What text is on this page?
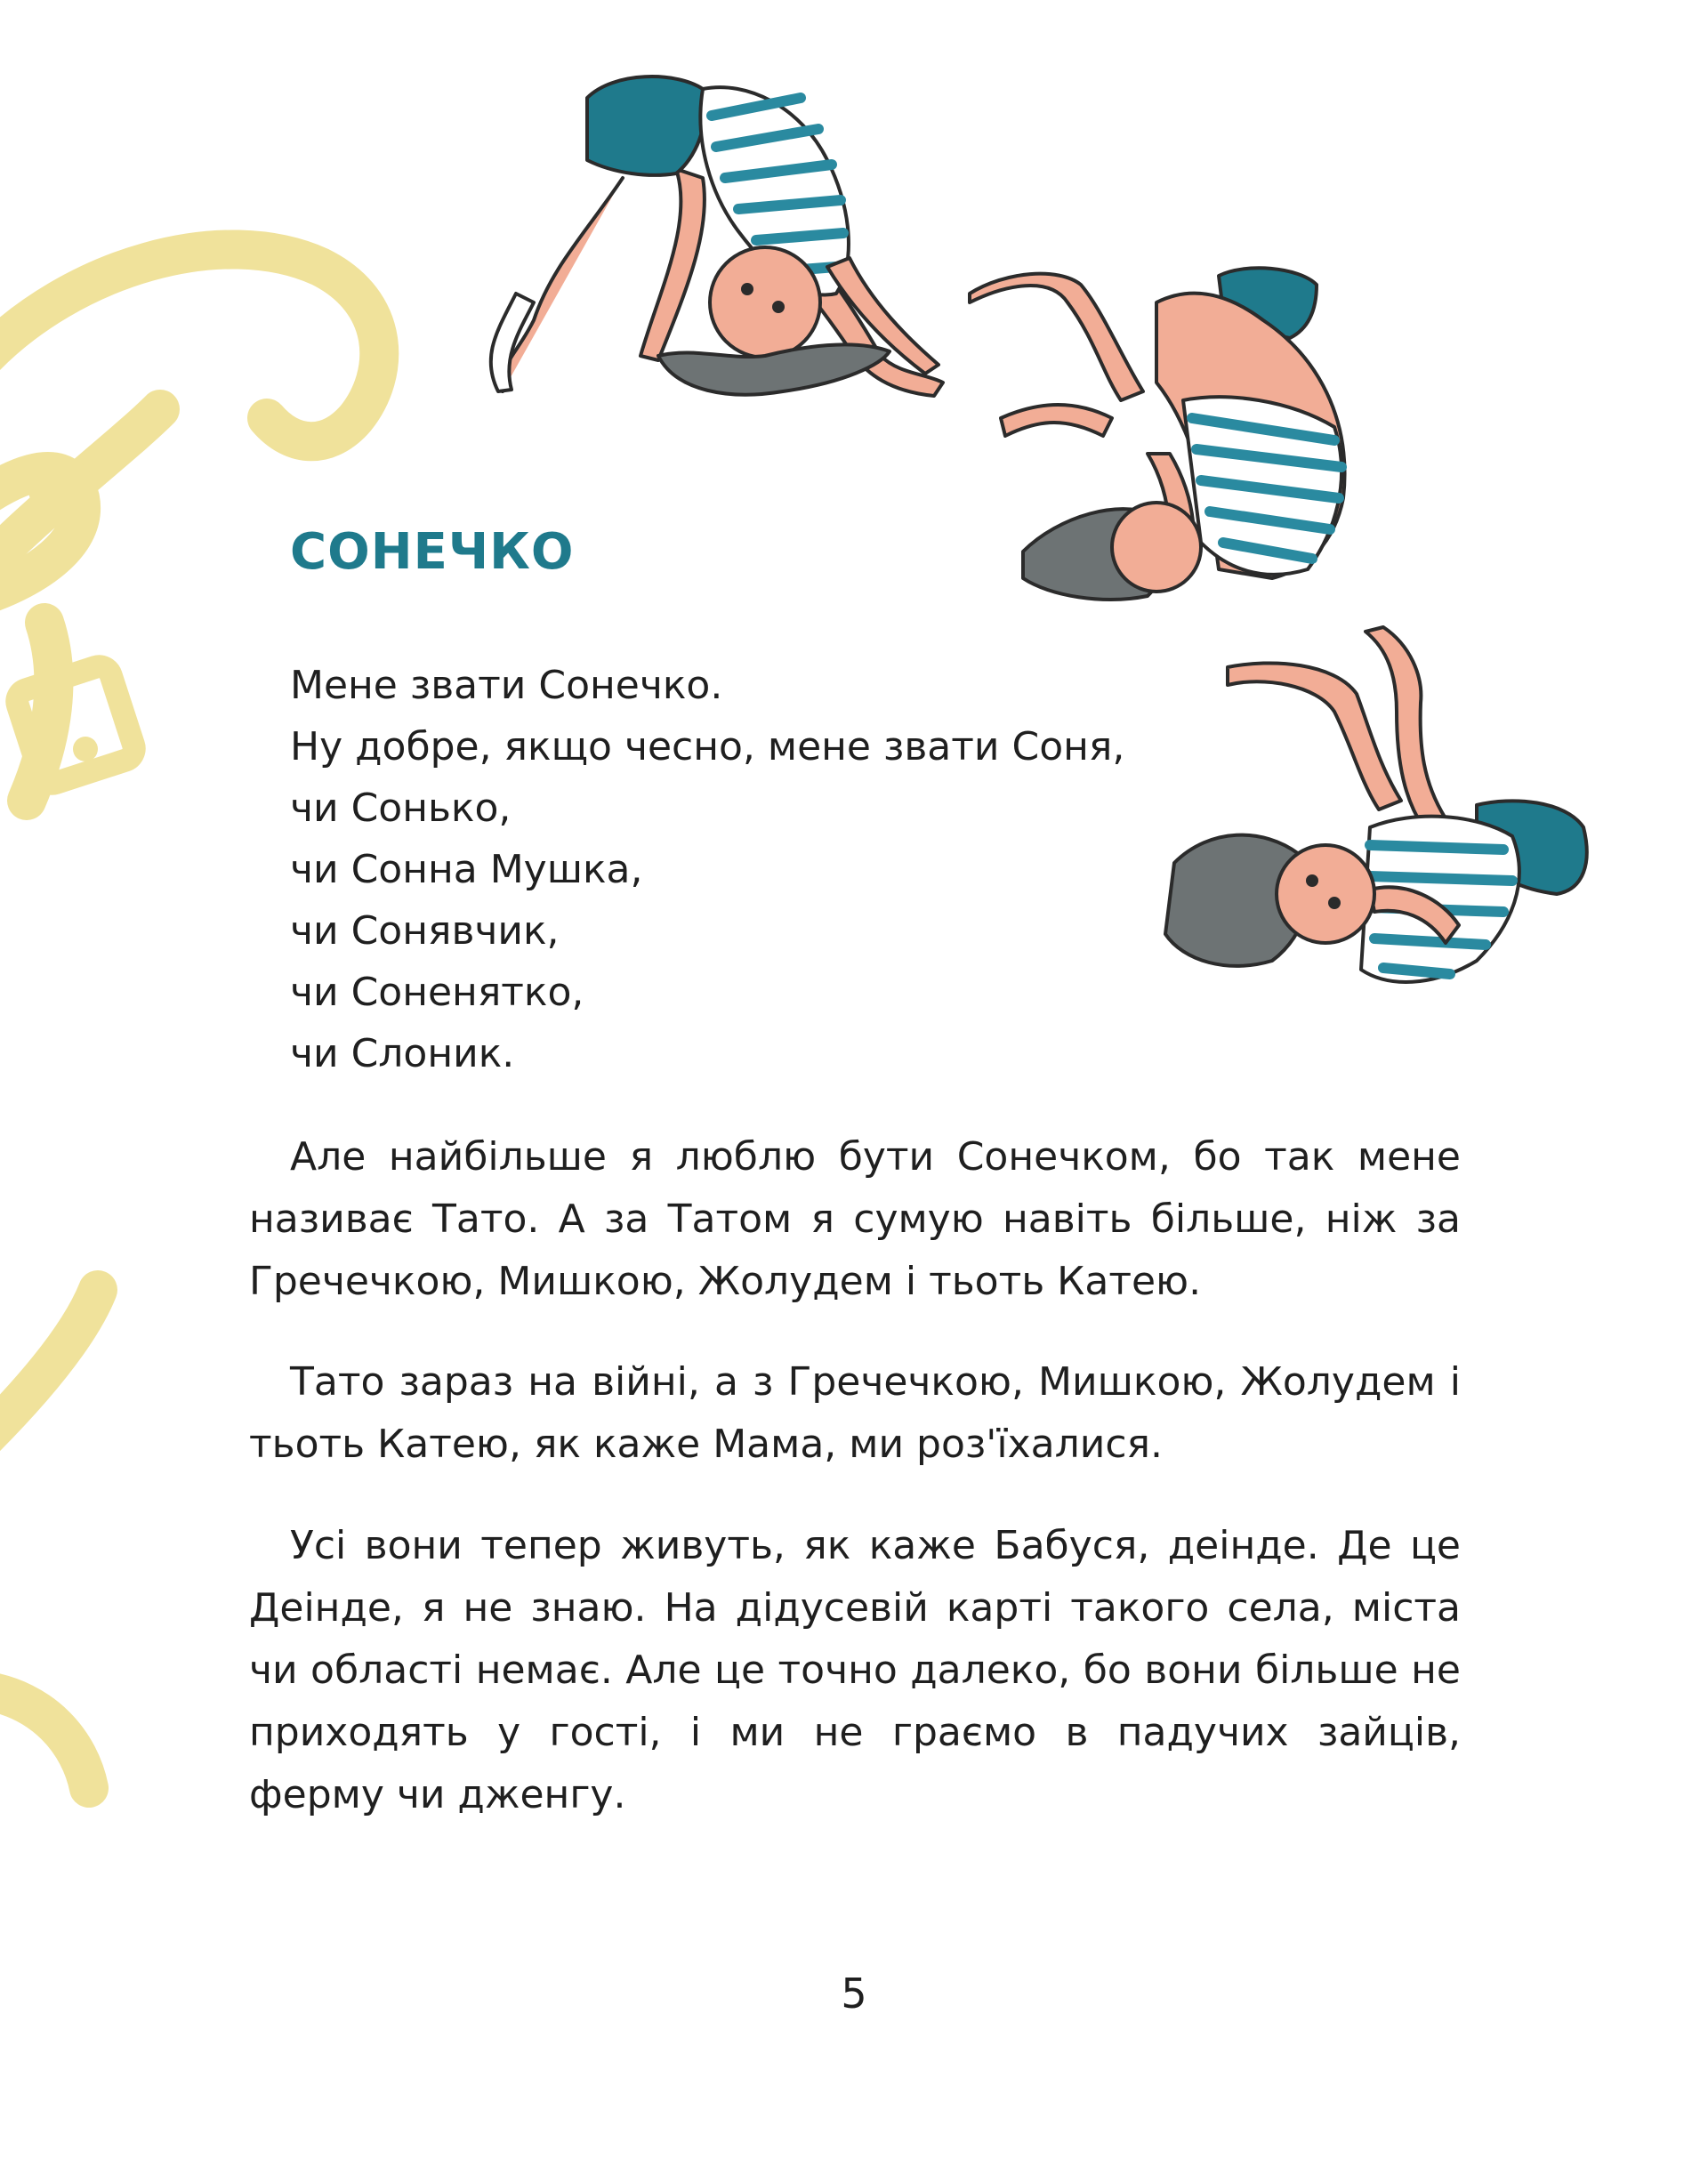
СОНЕЧКО
Мене звати Сонечко.
Ну добре, якщо чесно, мене звати Соня,
чи Сонько,
чи Сонна Мушка,
чи Сонявчик,
чи Соненятко,
чи Слоник.

Але найбільше я люблю бути Сонечком, бо так мене називає Тато. А за Татом я сумую навіть більше, ніж за Гречечкою, Мишкою, Жолудем і тьоть Катею.

Тато зараз на війні, а з Гречечкою, Мишкою, Жолудем і тьоть Катею, як каже Мама, ми роз'їхалися.

Усі вони тепер живуть, як каже Бабуся, деінде. Де це Деінде, я не знаю. На дідусевій карті такого села, міста чи області немає. Але це точно далеко, бо вони більше не приходять у гості, і ми не граємо в падучих зайців, ферму чи дженгу.

5
